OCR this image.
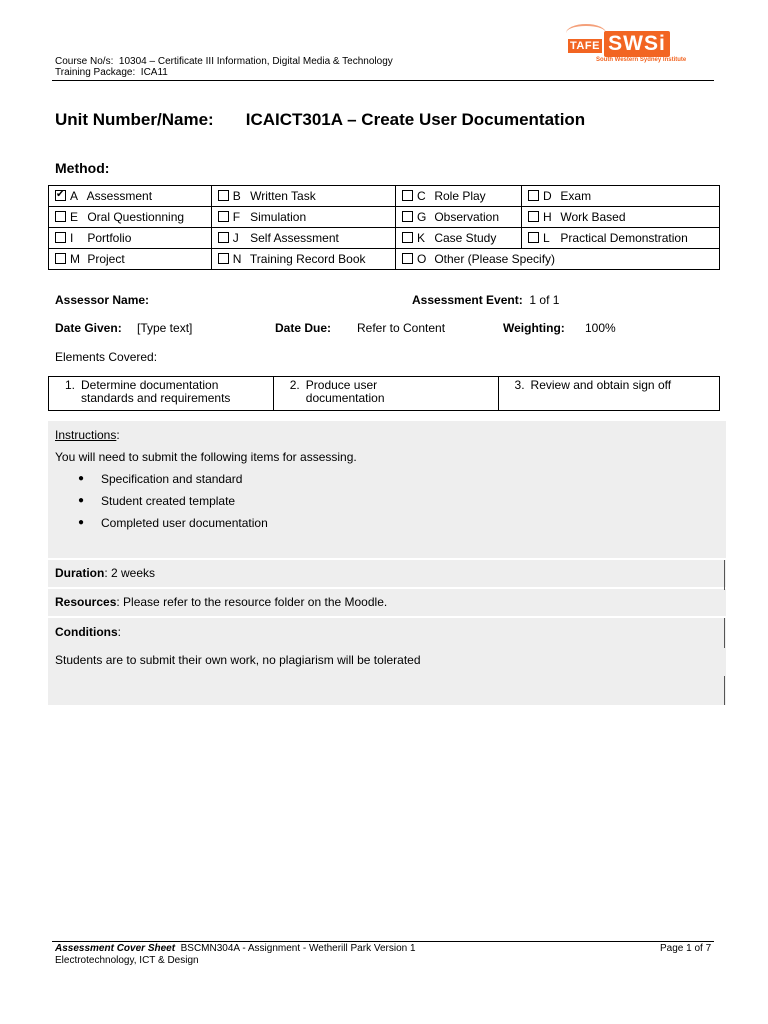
Course No/s: 10304 – Certificate III Information, Digital Media & Technology
Training Package: ICA11
TAFE SWSi
South Western Sydney Institute
Unit Number/Name: ICAICT301A – Create User Documentation
Method:
✔A Assessment	B Written Task	C Role Play	D Exam
E Oral Questionning	F Simulation	G Observation	H Work Based
I Portfolio	J Self Assessment	K Case Study	L Practical Demonstration
M Project	N Training Record Book	O Other (Please Specify)	
Assessor Name:	Assessment Event: 1 of 1
Date Given: [Type text]	Date Due: Refer to Content	Weighting: 100%
Elements Covered:
1. Determine documentation
standards and requirements
	2. Produce user
documentation
	3. Review and obtain sign off
Instructions:
You will need to submit the following items for assessing.
● Specification and standard
● Student created template
● Completed user documentation
Duration: 2 weeks
Resources: Please refer to the resource folder on the Moodle.
Conditions:
Students are to submit their own work, no plagiarism will be tolerated
Assessment Cover Sheet BSCMN304A - Assignment - Wetherill Park Version 1
Electrotechnology, ICT & Design
Page 1 of 7
